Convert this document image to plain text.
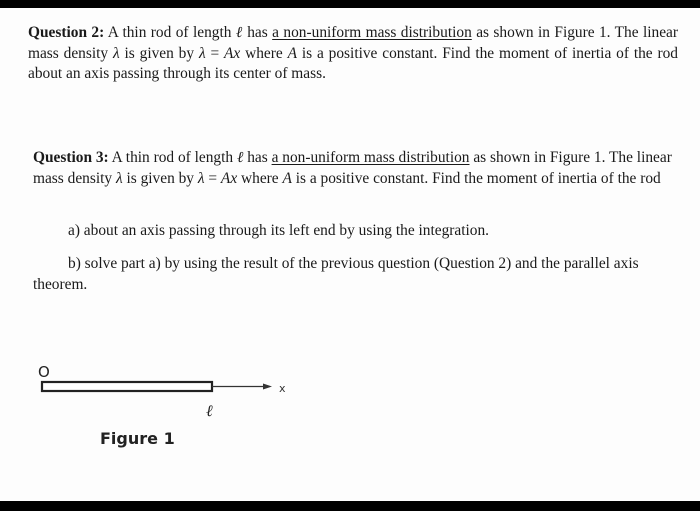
Question 2: A thin rod of length ℓ has a non-uniform mass distribution as shown in Figure 1. The linear mass density λ is given by λ = Ax where A is a positive constant. Find the moment of inertia of the rod about an axis passing through its center of mass.
Question 3: A thin rod of length ℓ has a non-uniform mass distribution as shown in Figure 1. The linear mass density λ is given by λ = Ax where A is a positive constant. Find the moment of inertia of the rod
a) about an axis passing through its left end by using the integration.
b) solve part a) by using the result of the previous question (Question 2) and the parallel axis theorem.
O
x
ℓ
Figure 1
